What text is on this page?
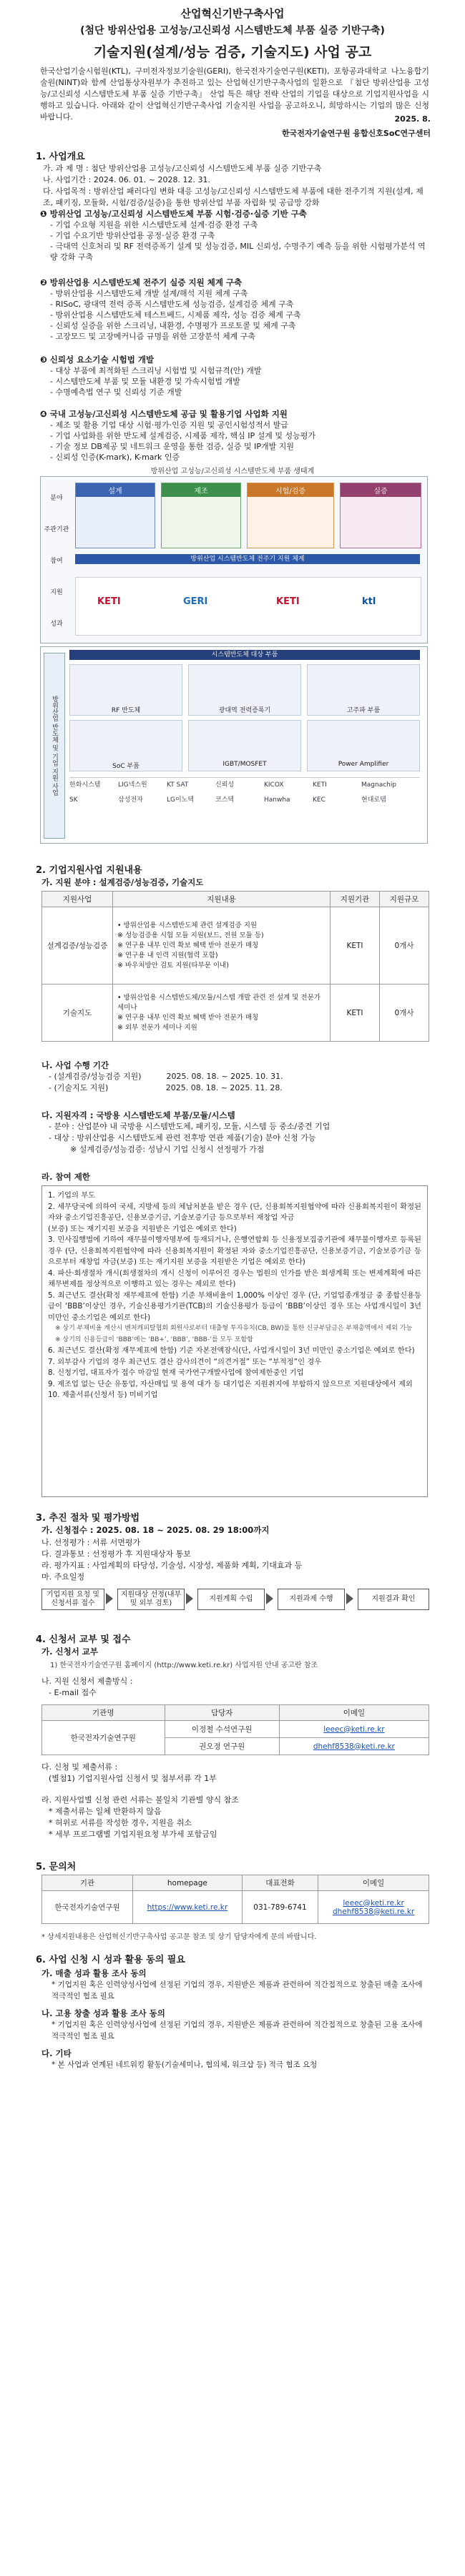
산업혁신기반구축사업
(첨단 방위산업용 고성능/고신뢰성 시스템반도체 부품 실증 기반구축)
기술지원(설계/성능 검증, 기술지도) 사업 공고
한국산업기술시험원(KTL), 구미전자정보기술원(GERI), 한국전자기술연구원(KETI), 포항공과대학교 나노융합기술원(NINT)와 함께 산업통상자원부가 추진하고 있는 산업혁신기반구축사업의 일환으로 『첨단 방위산업용 고성능/고신뢰성 시스템반도체 부품 실증 기반구축』 산업 특은 해당 전략 산업의 기업을 대상으로 기업지원사업을 시행하고 있습니다. 아래와 같이 산업혁신기반구축사업 기술지원 사업을 공고하오니, 희망하시는 기업의 많은 신청 바랍니다.	2025. 8.
한국전자기술연구원 융합신호SoC연구센터
1. 사업개요
가. 과 제 명 : 첨단 방위산업용 고성능/고신뢰성 시스템반도체 부품 실증 기반구축
나. 사업기간 : 2024. 06. 01. ~ 2028. 12. 31.
다. 사업목적 : 방위산업 패러다임 변화 대응 고성능/고신뢰성 시스템반도체 부품에 대한 전주기적 지원(설계, 제조, 패키징, 모듈화, 시험/검증/실증)을 통한 방위산업 부품 자립화 및 공급망 강화
❶ 방위산업 고성능/고신뢰성 시스템반도체 부품 시험·검증·실증 기반 구축
- 기업 수요형 지원을 위한 시스템반도체 설계·검증 환경 구축
- 기업 수요기반 방위산업용 공정·실증 환경 구축
- 극대역 신호처리 및 RF 전력증폭기 설계 및 성능검증, MIL 신뢰성, 수명주기 예측 등을 위한 시험평가분석 역량 강화 구축
❷ 방위산업용 시스템반도체 전주기 실증 지원 체계 구축
- 방위산업용 시스템반도체 개발 설계/해석 지원 체계 구축
- RISoC, 광대역 전력 증폭 시스템반도체 성능검증, 설계검증 체계 구축
- 방위산업용 시스템반도체 테스트베드, 시제품 제작, 성능 검증 체계 구축
- 신뢰성 실증을 위한 스크리닝, 내환경, 수명평가 프로토콜 및 체계 구축
- 고장모드 및 고장메커니즘 규명을 위한 고장분석 체계 구축
❸ 신뢰성 요소기술 시험법 개발
- 대상 부품에 최적화된 스크리닝 시험법 및 시험규격(안) 개발
- 시스템반도체 부품 및 모듈 내환경 및 가속시험법 개발
- 수명예측법 연구 및 신뢰성 기준 개발
❹ 국내 고성능/고신뢰성 시스템반도체 공급 및 활용기업 사업화 지원
- 제조 및 활용 기업 대상 시험·평가·인증 지원 및 공인시험성적서 발급
- 기업 사업화를 위한 반도체 설계검증, 시제품 제작, 핵심 IP 설계 및 성능평가
- 기술 정보 DB제공 및 네트워크 운영을 통한 검증, 실증 및 IP개발 지원
- 신뢰성 인증(K-mark), K-mark 인증
방위산업 고성능/고신뢰성 시스템반도체 부품 생태계
분야
주관기관
참여
지원
성과
설계	제조	시험/검증	실증
방위산업 시스템반도체 전주기 지원 체계
KETI	GERI	KETI	ktl
방위산업 반도체 및 기업 지원 사업
시스템반도체 대상 부품
RF 반도체	광대역 전력증폭기	고주파 부품
SoC 부품	IGBT/MOSFET	Power Amplifier
한화시스템	LIG넥스원	KT SAT	신뢰성	KICOX	KETI	Magnachip SK	삼성전자	LG이노텍	코스텍	Hanwha	KEC	현대로템
2. 기업지원사업 지원내용
가. 지원 분야 : 설계검증/성능검증, 기술지도
지원사업	지원내용	지원기관	지원규모
설계검증/성능검증	• 방위산업용 시스템반도체 관련 설계검증 지원
※ 성능검증용 시험 모듈 지원(보드, 전원 모듈 등)
※ 연구용 내부 인력 확보 혜택 받아 전문가 매칭
※ 연구용 내 인력 지원(협력 포함)
※ 바우처방안 검토 지원(타부문 이내)	KETI	0개사
기술지도	• 방위산업용 시스템반도체/모듈/시스템 개발 관련 전 설계 및 전문가 세미나
※ 연구용 내부 인력 확보 혜택 받아 전문가 매칭
※ 외부 전문가 세미나 지원	KETI	0개사
나. 사업 수행 기간
- (설계검증/성능검증 지원)          2025. 08. 18. ~ 2025. 10. 31.
- (기술지도 지원)                       2025. 08. 18. ~ 2025. 11. 28.
다. 지원자격 : 국방용 시스템반도체 부품/모듈/시스템
- 분야 : 산업분야 내 국방용 시스템반도체, 패키징, 모듈, 시스템 등 중소/중견 기업
- 대상 : 방위산업용 시스템반도체 관련 전후방 연관 제품(기술) 분야 신청 가능
※ 설계검증/성능검증: 성남시 기업 신청시 선정평가 가점
라. 참여 제한
1. 기업의 부도
2. 세무당국에 의하여 국세, 지방세 등의 체납처분을 받은 경우 (단, 신용회복지원협약에 따라 신용회복지원이 확정된 자와 중소기업진흥공단, 신용보증기금, 기술보증기금 등으로부터 재창업 자금
(보증) 또는 재기지원 보증을 지원받은 기업은 예외로 한다)
3. 민사집행법에 기하여 재무불이행자명부에 등재되거나, 은행연합회 등 신용정보집중기관에 채무불이행자로 등록된 경우 (단, 신용회복지원협약에 따라 신용회복지원이 확정된 자와 중소기업진흥공단, 신용보증기금, 기술보증기금 등으로부터 재창업 자금(보증) 또는 재기지원 보증을 지원받은 기업은 예외로 한다)
4. 파산·회생절차 개시(회생절차의 개시 신청이 이루어진 경우는 법원의 인가를 받은 회생계획 또는 변제계획에 따른 채무변제를 정상적으로 이행하고 있는 경우는 제외로 한다)
5. 최근년도 결산(확정 재무제표에 한함) 기준 부채비율이 1,000% 이상인 경우 (단, 기업업종개정금 중 종합신용등급이 ‘BBB’이상인 경우, 기술신용평가기관(TCB)의 기술신용평가 등급이 ‘BBB’이상인 경우 또는 사업개시일이 3년 미만인 중소기업은 예외로 한다)
※ 상기 부채비율 계산시 벤처캐피탈협회 회원사로부터 대출형 투자유치(CB, BW)를 통한 신규부담금은 부채총액에서 제외 가능
※ 상기의 신용등급이 ‘BBB’에는 ‘BB+’, ‘BBB’, ‘BBB-’를 모두 포함함
6. 최근년도 결산(확정 재무제표에 한함) 기준 자본전액잠식(단, 사업개시일이 3년 미만인 중소기업은 예외로 한다)
7. 외부감사 기업의 경우 최근년도 결산 감사의견이 “의견거절” 또는 “부적정”인 경우
8. 신청기업, 대표자가 접수 마감일 현재 국가연구개발사업에 참여제한중인 기업
9. 제조업 없는 단순 유통업, 자산매입 및 용역 대가 등 대기업은 지원취지에 부합하지 않으므로 지원대상에서 제외
10. 제출서류(신청서 등) 미비기업
3. 추진 절차 및 평가방법
가. 신청접수 : 2025. 08. 18 ~ 2025. 08. 29 18:00까지
나. 선정평가 : 서류 서면평가
다. 결과통보 : 선정평가 후 지원대상자 통보
라. 평가지표 : 사업계획의 타당성, 기술성, 시장성, 제품화 계획, 기대효과 등
마. 주요일정
기업지원 요청 및 신청서류 접수
지원대상 선정(내부 및 외부 검토)
지원계획 수립	지원과제 수행	지원결과 확인
4. 신청서 교부 및 접수
가. 신청서 교부
1) 한국전자기술연구원 홈페이지 (http://www.keti.re.kr) 사업지원 안내 공고란 참조
나. 지원 신청서 제출방식 :
- E-mail 접수
기관명	담당자	이메일
한국전자기술연구원	이정철 수석연구원	leeec@keti.re.kr
	권오정 연구원	dhehf8538@keti.re.kr
다. 신청 및 제출서류 :
(별첨1) 기업지원사업 신청서 및 첨부서류 각 1부
라. 지원사업별 신청 관련 서류는 불일치 기관별 양식 참조
* 제출서류는 일체 반환하지 않음
* 허위로 서류를 작성한 경우, 지원을 취소
* 세부 프로그램별 기업지원요청 부가세 포함금임
5. 문의처
기관	homepage	대표전화	이메일
한국전자기술연구원	https://www.keti.re.kr	031-789-6741	leeec@keti.re.kr
dhehf8538@keti.re.kr
* 상세지원내용은 산업혁신기반구축사업 공고문 참조 및 상기 담당자에게 문의 바랍니다.
6. 사업 신청 시 성과 활용 동의 필요
가. 매출 성과 활용 조사 동의
* 기업지원 혹은 인력양성사업에 선정된 기업의 경우, 지원받은 제품과 관련하여 직간접적으로 창출된 매출 조사에 적극적인 협조 필요
나. 고용 창출 성과 활용 조사 동의
* 기업지원 혹은 인력양성사업에 선정된 기업의 경우, 지원받은 제품과 관련하여 직간접적으로 창출된 고용 조사에 적극적인 협조 필요
다. 기타
* 본 사업과 연계된 네트워킹 활동(기술세미나, 협의체, 워크샵 등) 적극 협조 요청
